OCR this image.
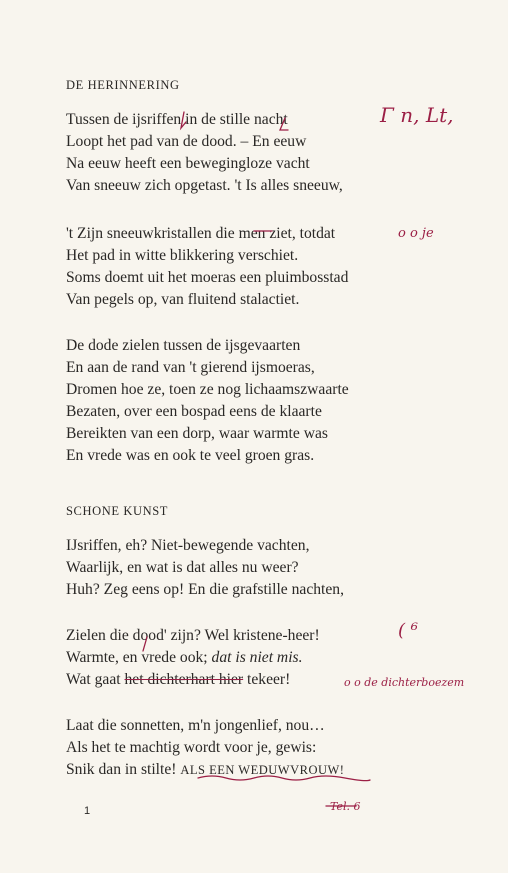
DE HERINNERING
Tussen de ijsriffen in de stille nacht
Loopt het pad van de dood. – En eeuw
Na eeuw heeft een bewegingloze vacht
Van sneeuw zich opgetast. 't Is alles sneeuw,
't Zijn sneeuwkristallen die men ziet, totdat
Het pad in witte blikkering verschiet.
Soms doemt uit het moeras een pluimbosstad
Van pegels op, van fluitend stalactiet.
De dode zielen tussen de ijsgevaarten
En aan de rand van 't gierend ijsmoeras,
Dromen hoe ze, toen ze nog lichaamszwaarte
Bezaten, over een bospad eens de klaarte
Bereikten van een dorp, waar warmte was
En vrede was en ook te veel groen gras.
SCHONE KUNST
IJsriffen, eh? Niet-bewegende vachten,
Waarlijk, en wat is dat alles nu weer?
Huh? Zeg eens op! En die grafstille nachten,
Zielen die dood' zijn? Wel kristene-heer!
Warmte, en vrede ook; dat is niet mis.
Wat gaat het dichterhart hier tekeer!
Laat die sonnetten, m'n jongenlief, nou…
Als het te machtig wordt voor je, gewis:
Snik dan in stilte! ALS EEN WEDUWVROUW!
1
Γ n, Lt,
o o je
o o de dichterboezem
( ⁶
Tel. 6
